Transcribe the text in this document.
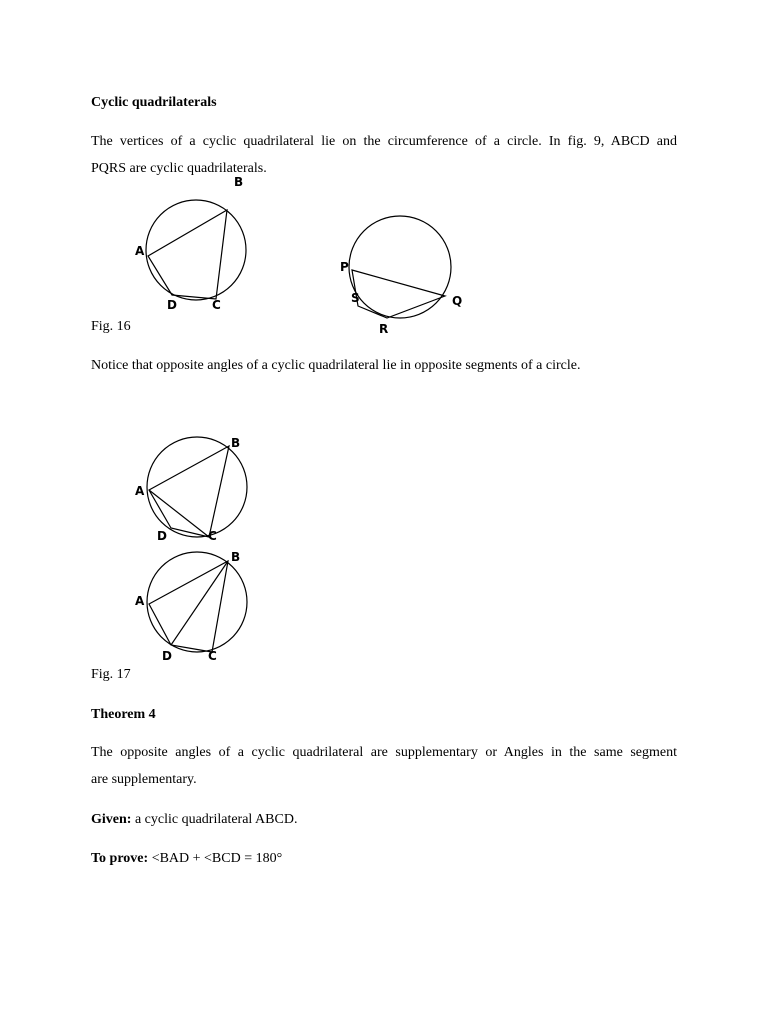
Cyclic quadrilaterals
The vertices of a cyclic quadrilateral lie on the circumference of a circle. In fig. 9, ABCD and
PQRS are cyclic quadrilaterals.
A
B
C
D
P
Q
R
S
A
B
C
D
A
B
C
D
Fig. 16
Notice that opposite angles of a cyclic quadrilateral lie in opposite segments of a circle.
Fig. 17
Theorem 4
The opposite angles of a cyclic quadrilateral are supplementary or Angles in the same segment
are supplementary.
Given: a cyclic quadrilateral ABCD.
To prove: <BAD + <BCD = 180°
